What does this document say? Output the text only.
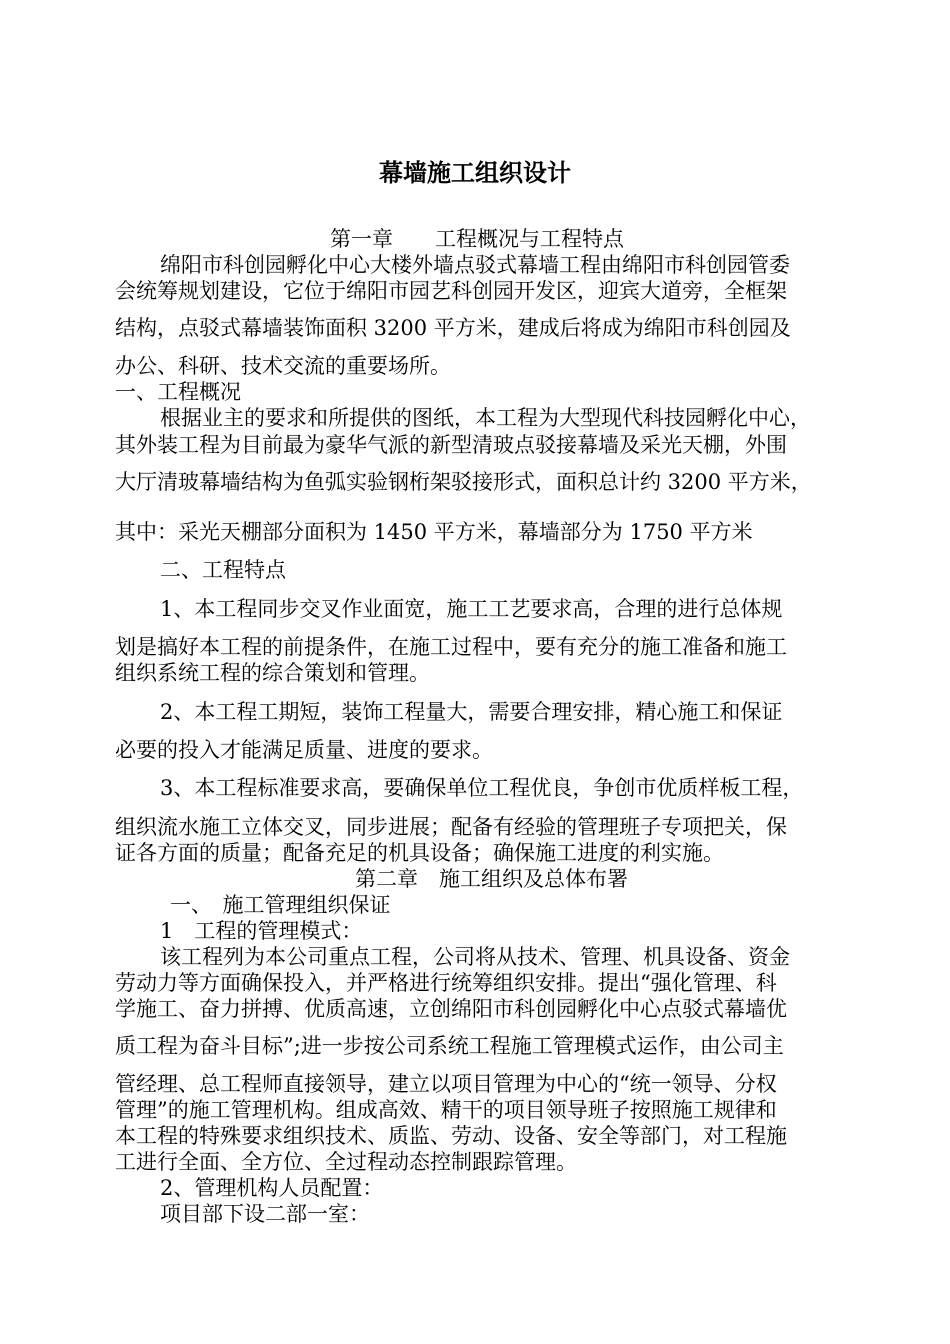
幕墙施工组织设计
第一章　　工程概况与工程特点
绵阳市科创园孵化中心大楼外墙点驳式幕墙工程由绵阳市科创园管委
会统筹规划建设，它位于绵阳市园艺科创园开发区，迎宾大道旁，全框架
结构，点驳式幕墙装饰面积 3200 平方米，建成后将成为绵阳市科创园及
办公、科研、技术交流的重要场所。
一、工程概况
根据业主的要求和所提供的图纸，本工程为大型现代科技园孵化中心，
其外装工程为目前最为豪华气派的新型清玻点驳接幕墙及采光天棚，外围
大厅清玻幕墙结构为鱼弧实验钢桁架驳接形式，面积总计约 3200 平方米，
其中：采光天棚部分面积为 1450 平方米，幕墙部分为 1750 平方米
二、工程特点
1、本工程同步交叉作业面宽，施工工艺要求高，合理的进行总体规
划是搞好本工程的前提条件，在施工过程中，要有充分的施工准备和施工
组织系统工程的综合策划和管理。
2、本工程工期短，装饰工程量大，需要合理安排，精心施工和保证
必要的投入才能满足质量、进度的要求。
3、本工程标准要求高，要确保单位工程优良，争创市优质样板工程，
组织流水施工立体交叉，同步进展；配备有经验的管理班子专项把关，保
证各方面的质量；配备充足的机具设备；确保施工进度的利实施。
第二章　施工组织及总体布署
一、　施工管理组织保证
1　工程的管理模式：
该工程列为本公司重点工程，公司将从技术、管理、机具设备、资金
劳动力等方面确保投入，并严格进行统筹组织安排。提出“强化管理、科
学施工、奋力拼搏、优质高速，立创绵阳市科创园孵化中心点驳式幕墙优
质工程为奋斗目标”;进一步按公司系统工程施工管理模式运作，由公司主
管经理、总工程师直接领导，建立以项目管理为中心的“统一领导、分权
管理”的施工管理机构。组成高效、精干的项目领导班子按照施工规律和
本工程的特殊要求组织技术、质监、劳动、设备、安全等部门，对工程施
工进行全面、全方位、全过程动态控制跟踪管理。
2、管理机构人员配置：
项目部下设二部一室：
